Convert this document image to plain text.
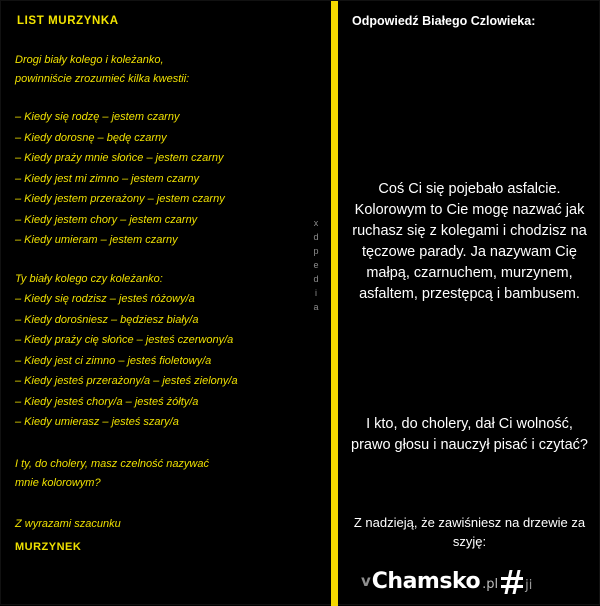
LIST MURZYNKA
Drogi biały kolego i koleżanko,
powinniście zrozumieć kilka kwestii:
– Kiedy się rodzę – jestem czarny
– Kiedy dorosnę – będę czarny
– Kiedy praży mnie słońce – jestem czarny
– Kiedy jest mi zimno – jestem czarny
– Kiedy jestem przerażony – jestem czarny
– Kiedy jestem chory – jestem czarny
– Kiedy umieram – jestem czarny
Ty biały kolego czy koleżanko:
– Kiedy się rodzisz – jesteś różowy/a
– Kiedy dorośniesz – będziesz biały/a
– Kiedy praży cię słońce – jesteś czerwony/a
– Kiedy jest ci zimno – jesteś fioletowy/a
– Kiedy jesteś przerażony/a – jesteś zielony/a
– Kiedy jesteś chory/a – jesteś żółty/a
– Kiedy umierasz – jesteś szary/a
I ty, do cholery, masz czelność nazywać
mnie kolorowym?
Z wyrazami szacunku
MURZYNEK
x
d
p
e
d
i
a
Odpowiedź Białego Czlowieka:
Coś Ci się pojebało asfalcie. Kolorowym to Cie mogę nazwać jak ruchasz się z kolegami i chodzisz na tęczowe parady. Ja nazywam Cię małpą, czarnuchem, murzynem, asfaltem, przestępcą i bambusem.
I kto, do cholery, dał Ci wolność, prawo głosu i nauczył pisać i czytać?
Z nadzieją, że zawiśniesz na drzewie za szyję:
v Chamsko .pl ji
